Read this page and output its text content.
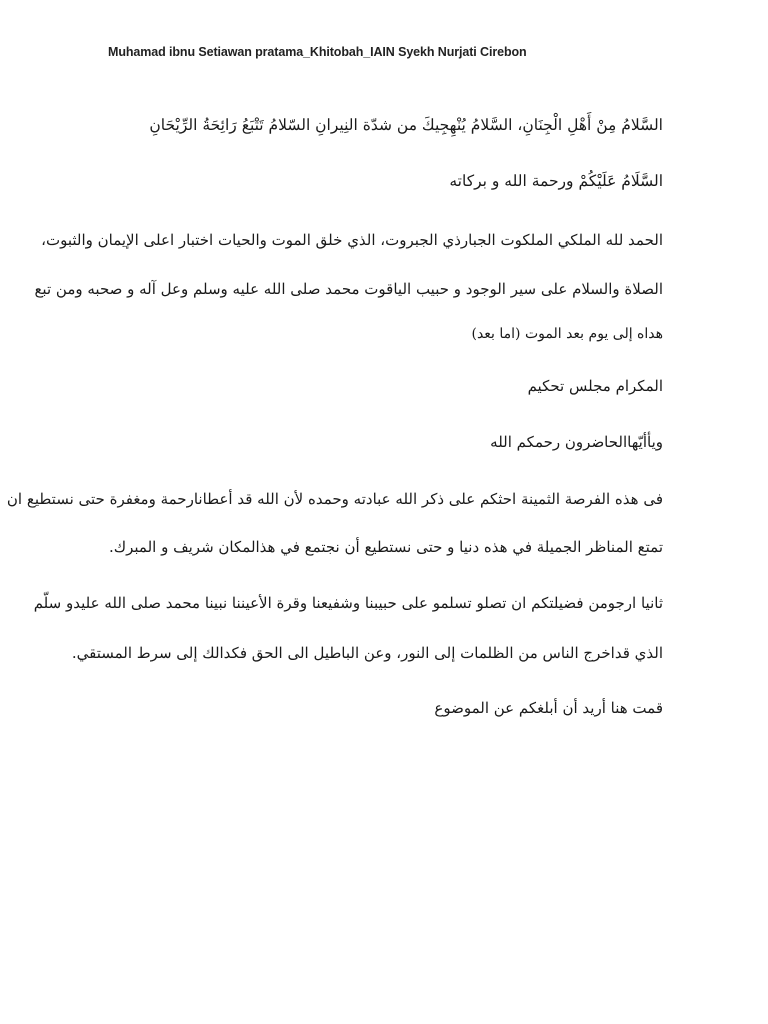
Muhamad ibnu Setiawan pratama_Khitobah_IAIN Syekh Nurjati Cirebon
السَّلامُ مِنْ أَهْلِ الْجِنَانِ، السَّلامُ يُنْهِجِيكَ من شدّة النِيرانِ السّلامُ تَتْبَعُ رَائِحَةُ الرِّيْحَانِ
السَّلَامُ عَلَيْكُمْ ورحمة الله و بركاته
الحمد لله الملكي الملكوت الجبارذي الجبروت، الذي خلق الموت والحيات اختبار اعلى الإيمان والثبوت،
الصلاة والسلام على سير الوجود و حبيب الياقوت محمد صلى الله عليه وسلم وعل آله و صحبه ومن تبع
هداه إلى يوم بعد الموت (اما بعد)
المكرام مجلس تحكيم
ويأأيّهاالحاضرون رحمكم الله
فى هذه الفرصة الثمينة احثكم على ذكر الله عبادته وحمده لأن الله قد أعطانارحمة ومغفرة حتى نستطيع ان
تمتع المناظر الجميلة في هذه دنيا و حتى نستطيع أن نجتمع في هذالمكان شريف و المبرك.
ثانيا ارجومن فضيلتكم ان تصلو تسلمو على حبيبنا وشفيعنا وقرة الأعيننا نبينا محمد صلى الله عليدو سلّم
الذي قداخرج الناس من الظلمات إلى النور، وعن الباطيل الى الحق فكدالك إلى سرط المستقي.
قمت هنا أريد أن أبلغكم عن الموضوع
